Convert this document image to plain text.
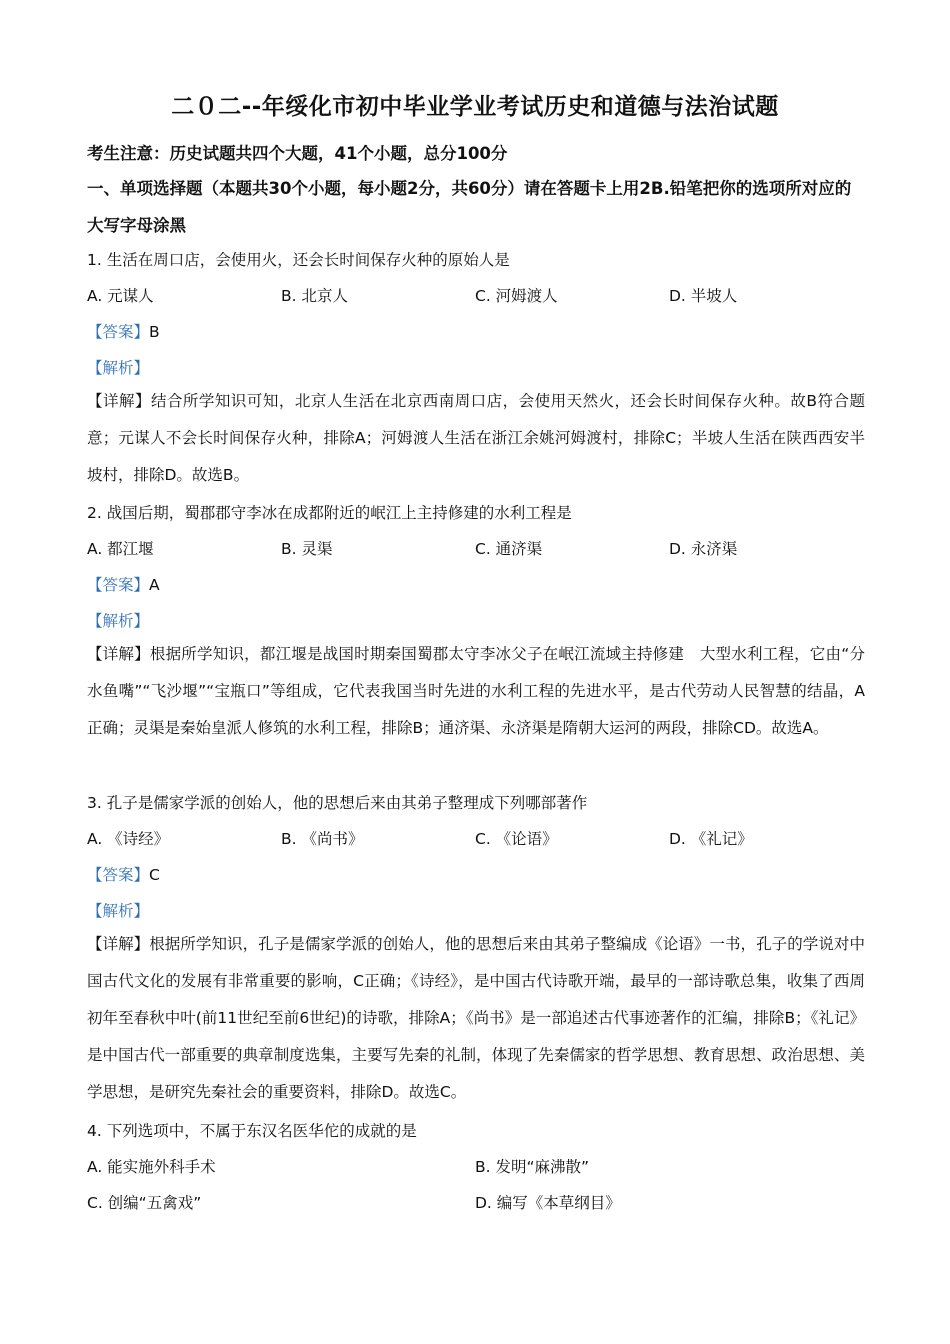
二０二--年绥化市初中毕业学业考试历史和道德与法治试题
考生注意：历史试题共四个大题，41个小题，总分100分
一、单项选择题（本题共30个小题，每小题2分，共60分）请在答题卡上用2B.铅笔把你的选项所对应的大写字母涂黑
1. 生活在周口店，会使用火，还会长时间保存火种的原始人是
A. 元谋人	B. 北京人	C. 河姆渡人	D. 半坡人
【答案】B
【解析】
【详解】结合所学知识可知，北京人生活在北京西南周口店，会使用天然火，还会长时间保存火种。故B符合题意；元谋人不会长时间保存火种，排除A；河姆渡人生活在浙江余姚河姆渡村，排除C；半坡人生活在陕西西安半坡村，排除D。故选B。
2. 战国后期，蜀郡郡守李冰在成都附近的岷江上主持修建的水利工程是
A. 都江堰	B. 灵渠	C. 通济渠	D. 永济渠
【答案】A
【解析】
【详解】根据所学知识，都江堰是战国时期秦国蜀郡太守李冰父子在岷江流域主持修建　大型水利工程，它由“分水鱼嘴”“飞沙堰”“宝瓶口”等组成，它代表我国当时先进的水利工程的先进水平，是古代劳动人民智慧的结晶，A正确；灵渠是秦始皇派人修筑的水利工程，排除B；通济渠、永济渠是隋朝大运河的两段，排除CD。故选A。
3. 孔子是儒家学派的创始人，他的思想后来由其弟子整理成下列哪部著作
A. 《诗经》	B. 《尚书》	C. 《论语》	D. 《礼记》
【答案】C
【解析】
【详解】根据所学知识，孔子是儒家学派的创始人，他的思想后来由其弟子整编成《论语》一书，孔子的学说对中国古代文化的发展有非常重要的影响，C正确；《诗经》，是中国古代诗歌开端，最早的一部诗歌总集，收集了西周初年至春秋中叶(前11世纪至前6世纪)的诗歌，排除A；《尚书》是一部追述古代事迹著作的汇编，排除B；《礼记》是中国古代一部重要的典章制度选集，主要写先秦的礼制，体现了先秦儒家的哲学思想、教育思想、政治思想、美学思想，是研究先秦社会的重要资料，排除D。故选C。
4. 下列选项中，不属于东汉名医华佗的成就的是
A. 能实施外科手术	B. 发明“麻沸散”
C. 创编“五禽戏”	D. 编写《本草纲目》
